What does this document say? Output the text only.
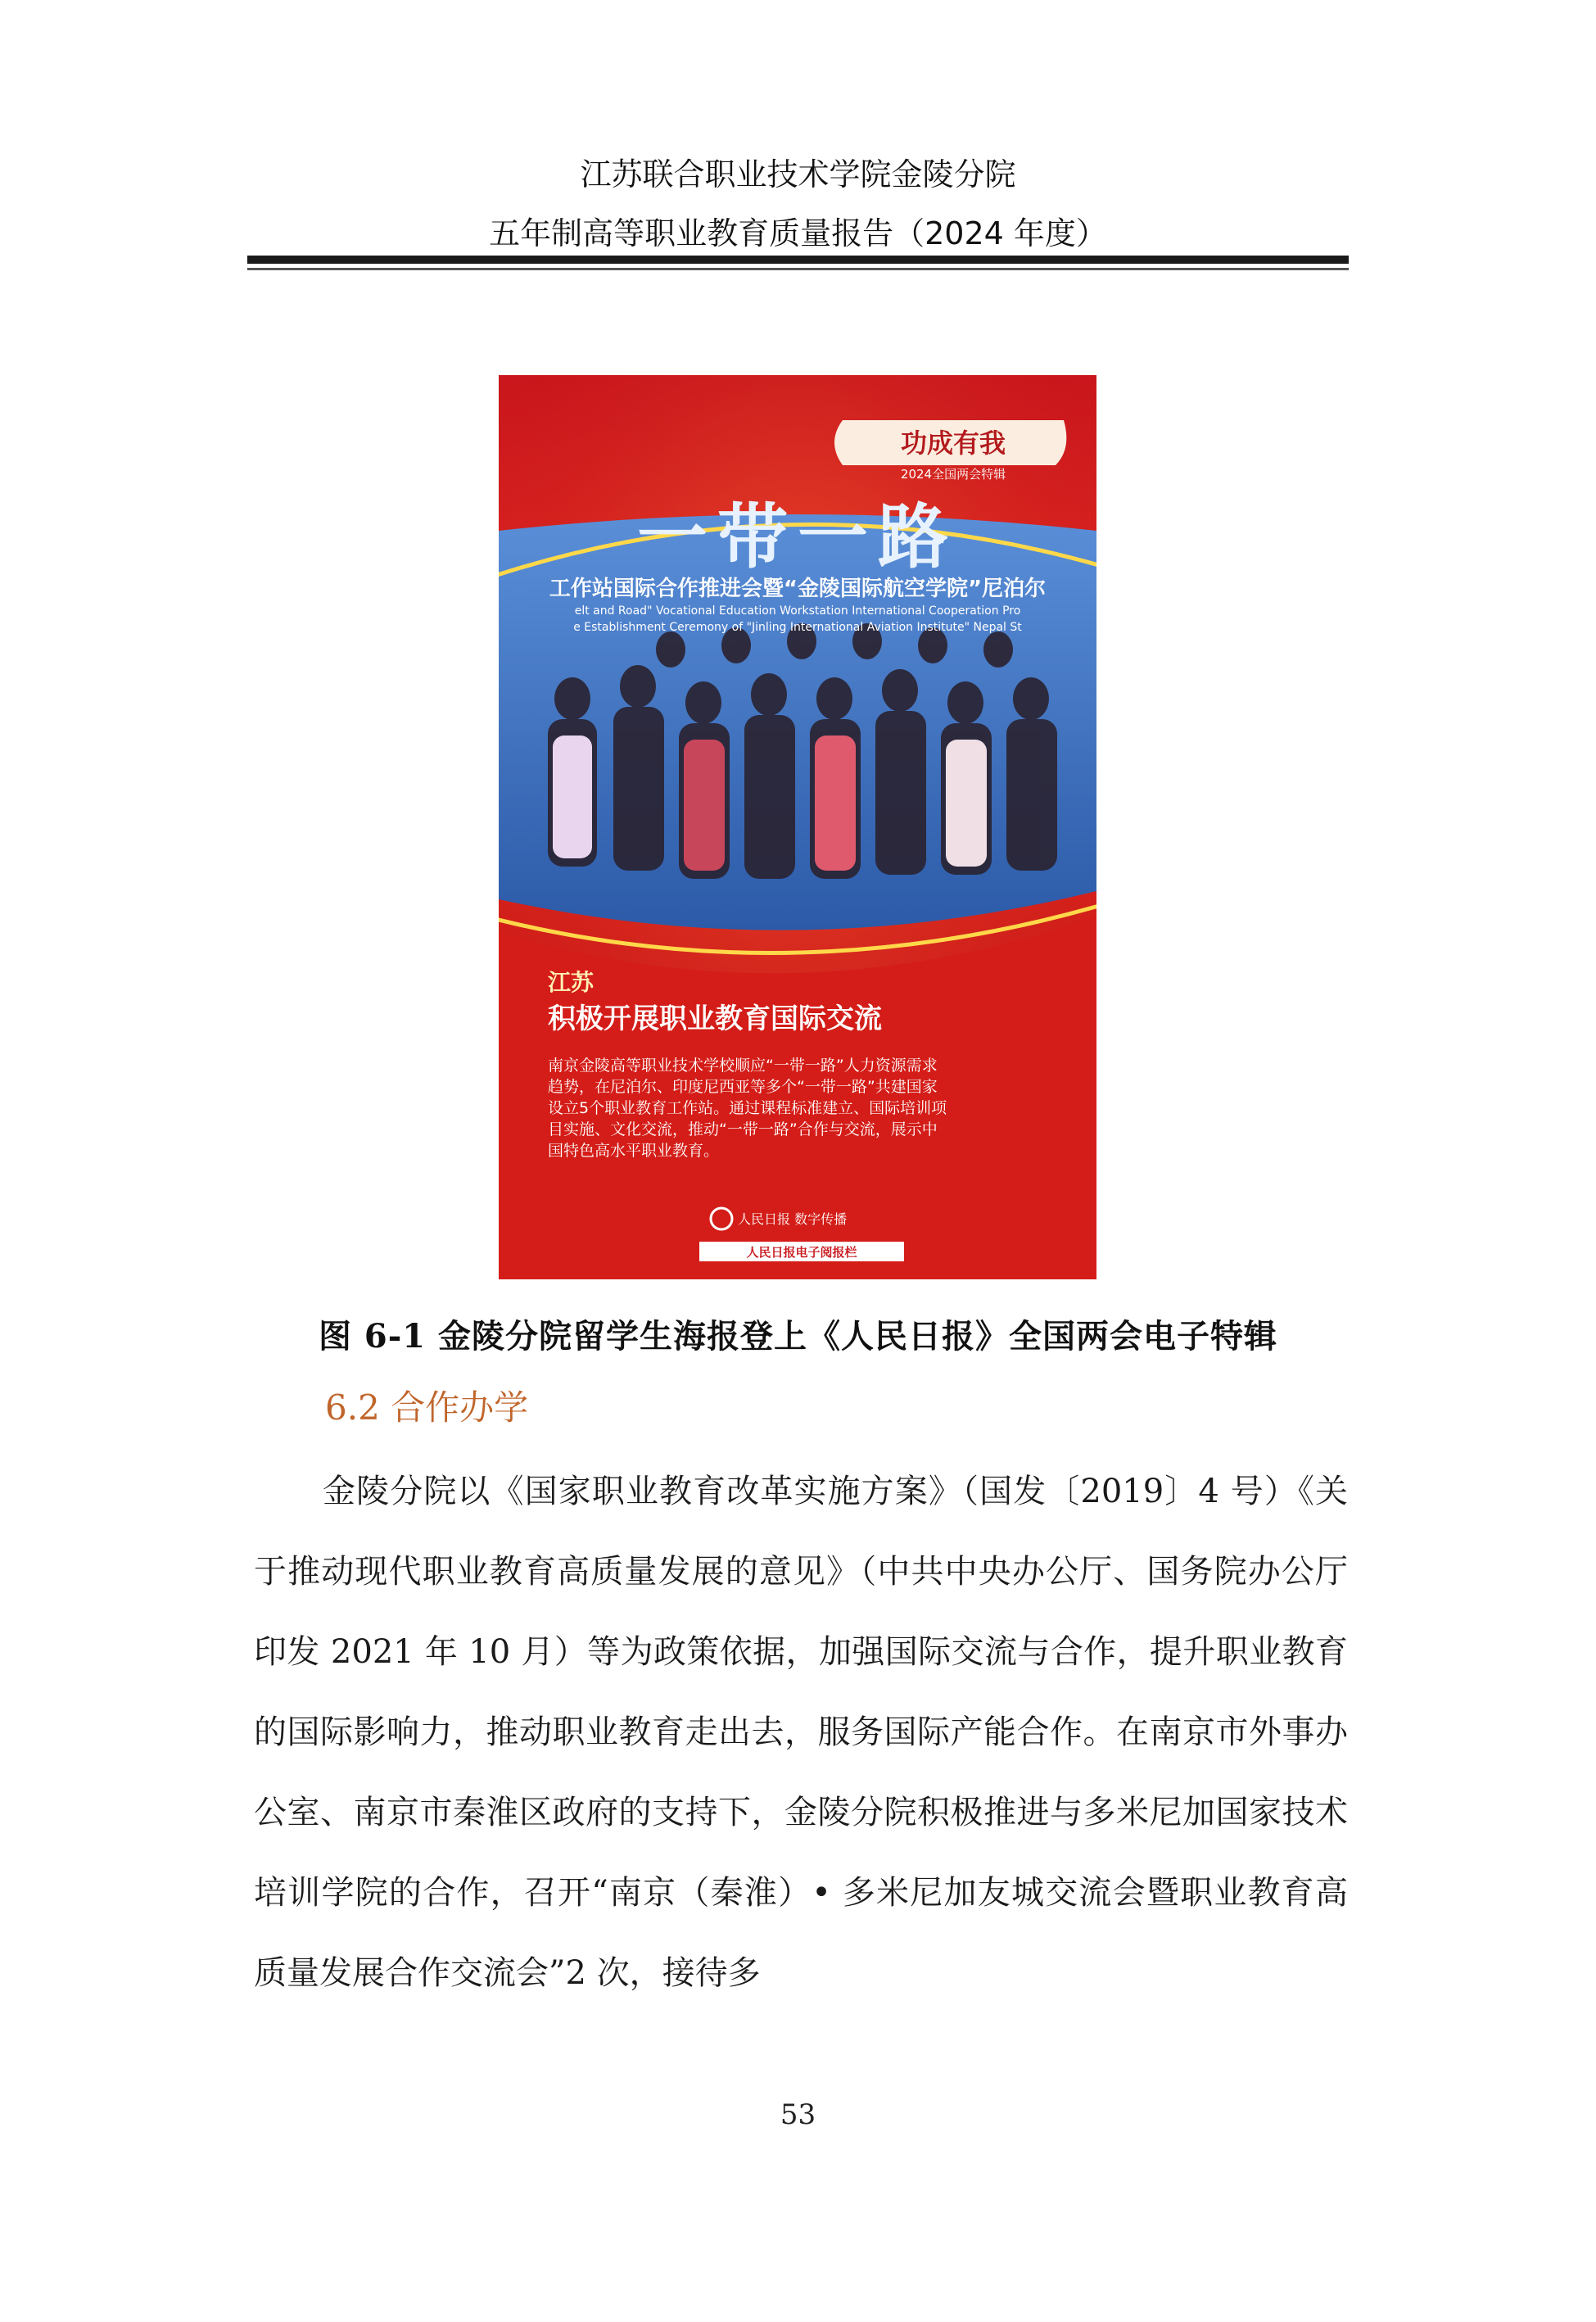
江苏联合职业技术学院金陵分院
五年制高等职业教育质量报告（2024 年度）
功成有我
2024全国两会特辑
一带一路
工作站国际合作推进会暨“金陵国际航空学院”尼泊尔
elt and Road" Vocational Education Workstation International Cooperation Pro
e Establishment Ceremony of "Jinling International Aviation Institute" Nepal St
江苏
积极开展职业教育国际交流
南京金陵高等职业技术学校顺应“一带一路”人力资源需求
趋势，在尼泊尔、印度尼西亚等多个“一带一路”共建国家
设立5个职业教育工作站。通过课程标准建立、国际培训项
目实施、文化交流，推动“一带一路”合作与交流，展示中
国特色高水平职业教育。
人民日报 数字传播
人民日报电子阅报栏
图 6-1 金陵分院留学生海报登上《人民日报》全国两会电子特辑
6.2 合作办学

金陵分院以《国家职业教育改革实施方案》（国发〔2019〕4 号）《关于推动现代职业教育高质量发展的意见》（中共中央办公厅、国务院办公厅印发 2021 年 10 月）等为政策依据，加强国际交流与合作，提升职业教育的国际影响力，推动职业教育走出去，服务国际产能合作。在南京市外事办公室、南京市秦淮区政府的支持下，金陵分院积极推进与多米尼加国家技术培训学院的合作，召开“南京（秦淮）• 多米尼加友城交流会暨职业教育高质量发展合作交流会”2 次，接待多

53
